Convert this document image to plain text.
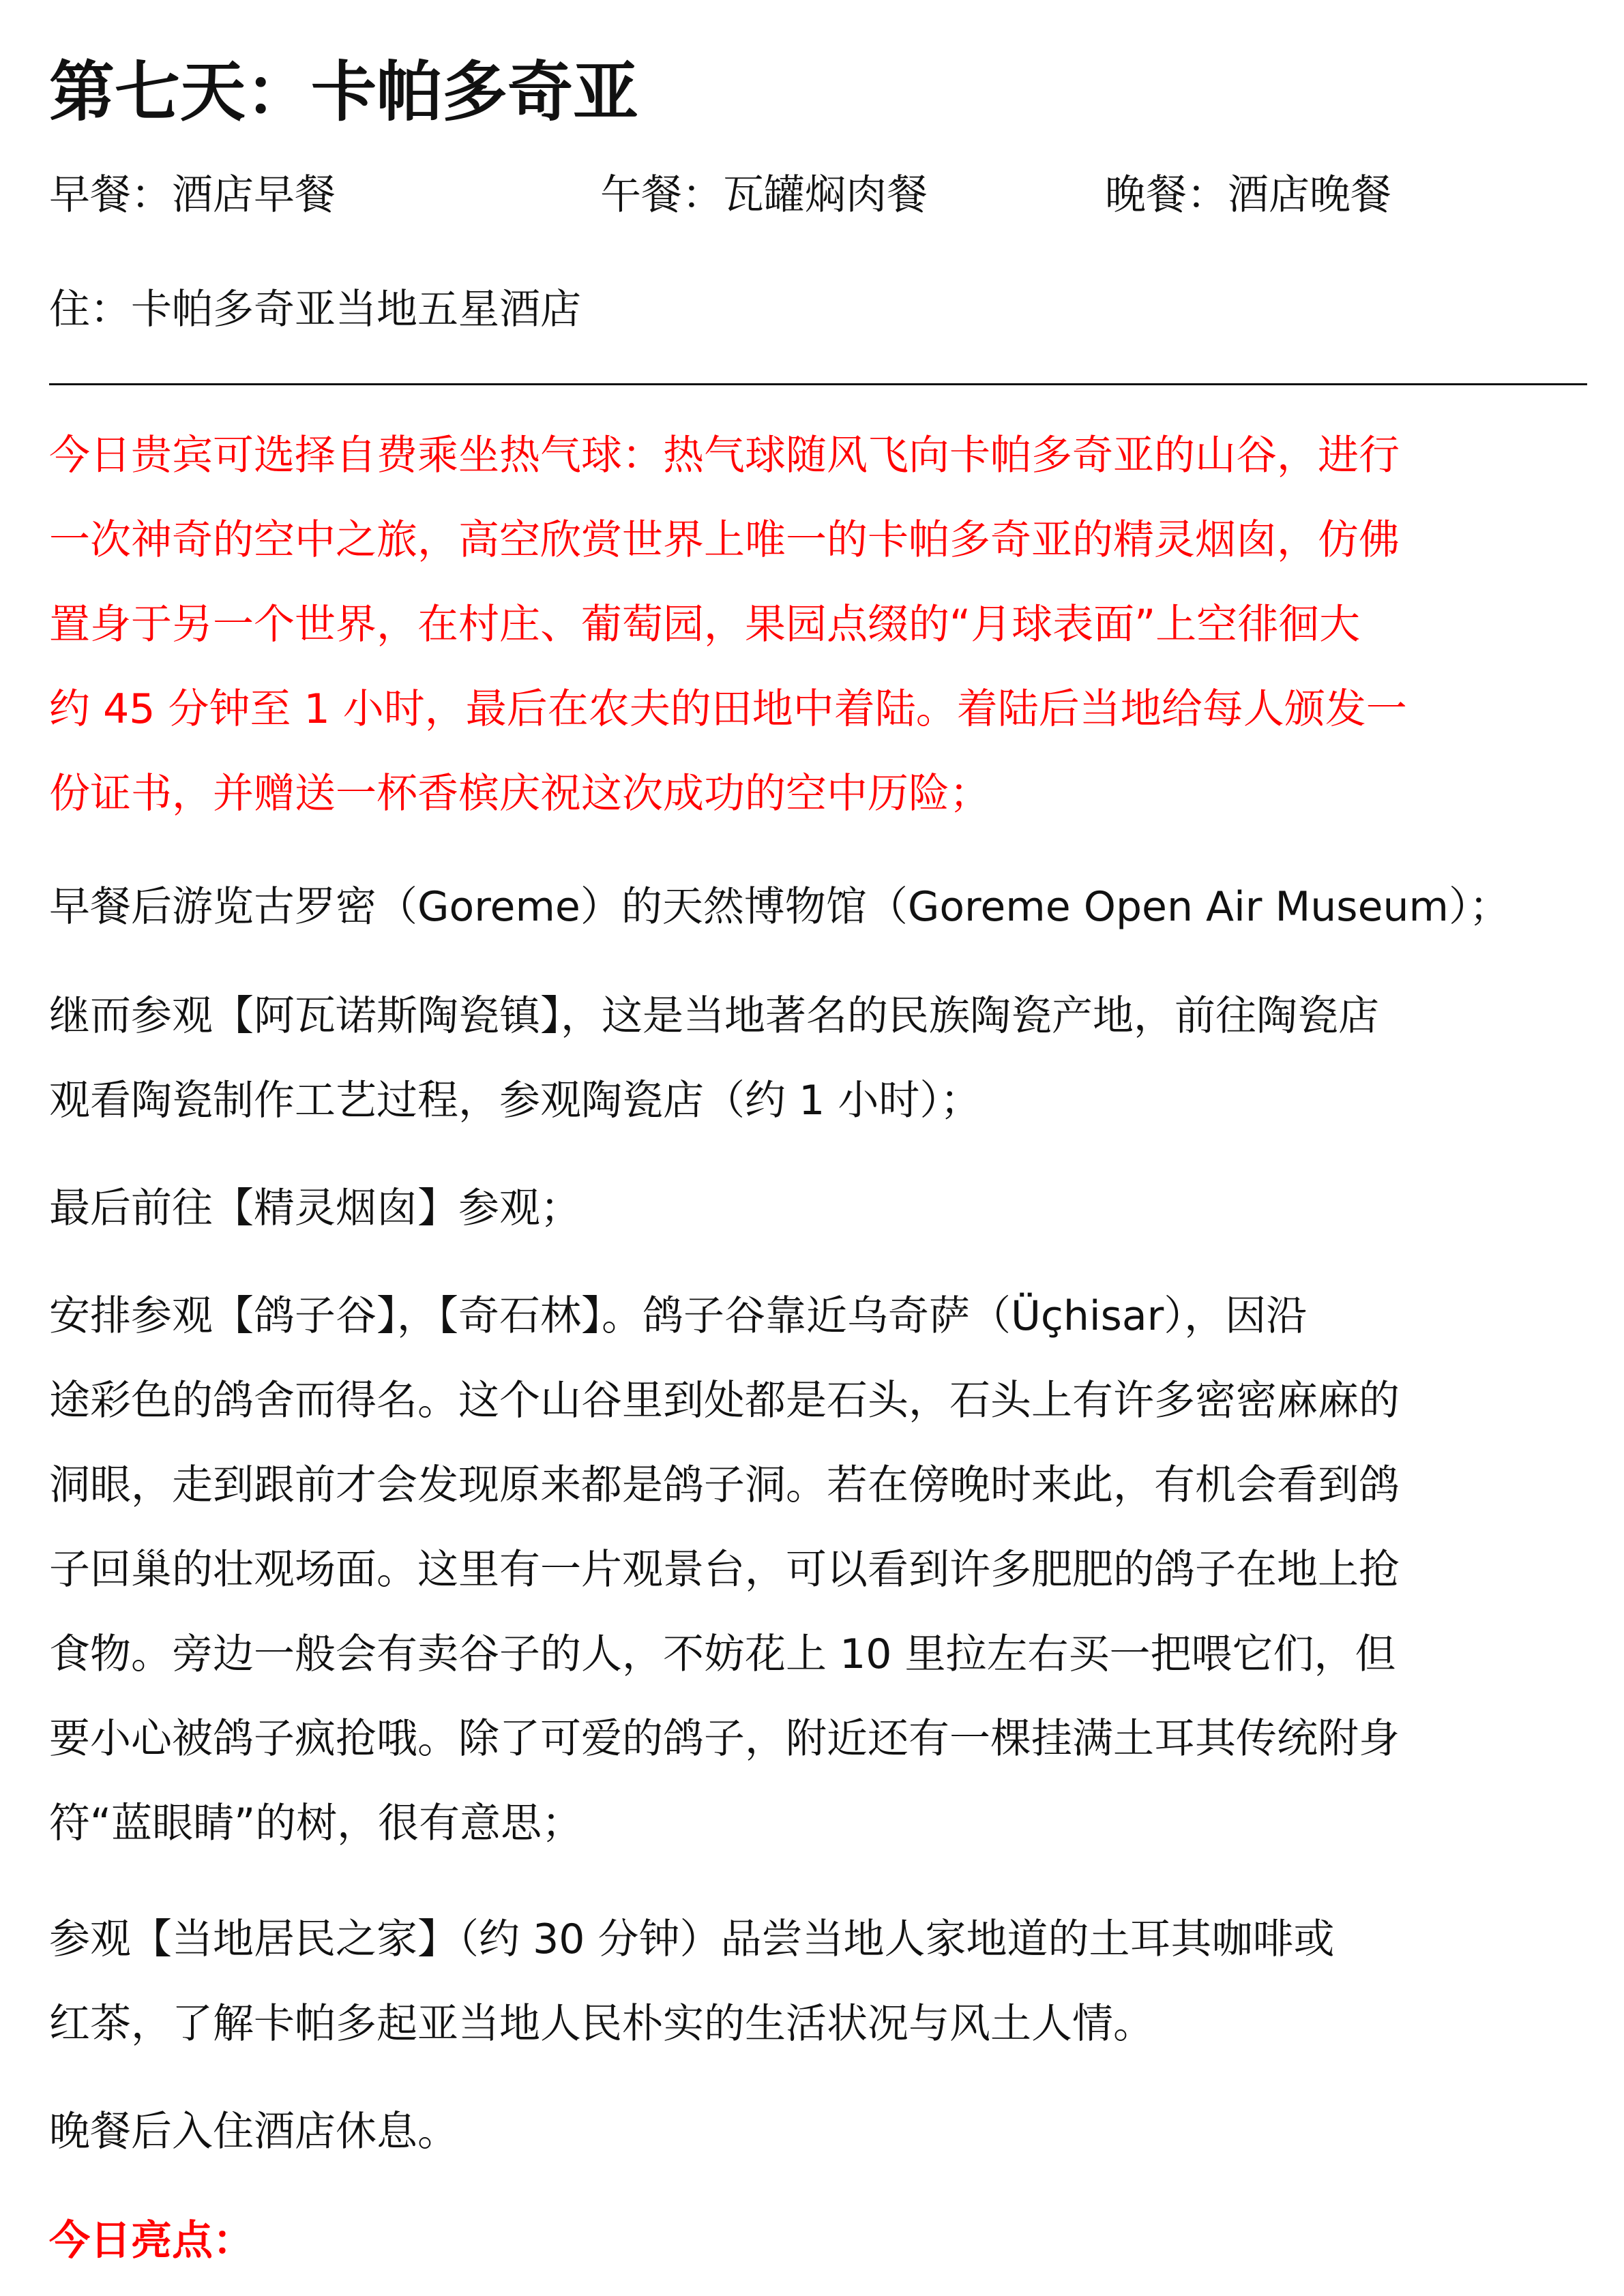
第七天：卡帕多奇亚
早餐：酒店早餐	午餐：瓦罐焖肉餐	晚餐：酒店晚餐
住：卡帕多奇亚当地五星酒店
今日贵宾可选择自费乘坐热气球：热气球随风飞向卡帕多奇亚的山谷，进行
一次神奇的空中之旅，高空欣赏世界上唯一的卡帕多奇亚的精灵烟囱，仿佛
置身于另一个世界，在村庄、葡萄园，果园点缀的“月球表面”上空徘徊大
约 45 分钟至 1 小时，最后在农夫的田地中着陆。着陆后当地给每人颁发一
份证书，并赠送一杯香槟庆祝这次成功的空中历险；
早餐后游览古罗密（Goreme）的天然博物馆（Goreme Open Air Museum）；
继而参观【阿瓦诺斯陶瓷镇】，这是当地著名的民族陶瓷产地，前往陶瓷店
观看陶瓷制作工艺过程，参观陶瓷店（约 1 小时）；
最后前往【精灵烟囱】参观；
安排参观【鸽子谷】，【奇石林】。鸽子谷靠近乌奇萨（Üçhisar），因沿
途彩色的鸽舍而得名。这个山谷里到处都是石头，石头上有许多密密麻麻的
洞眼，走到跟前才会发现原来都是鸽子洞。若在傍晚时来此，有机会看到鸽
子回巢的壮观场面。这里有一片观景台，可以看到许多肥肥的鸽子在地上抢
食物。旁边一般会有卖谷子的人，不妨花上 10 里拉左右买一把喂它们，但
要小心被鸽子疯抢哦。除了可爱的鸽子，附近还有一棵挂满土耳其传统附身
符“蓝眼睛”的树，很有意思；
参观【当地居民之家】（约 30 分钟）品尝当地人家地道的土耳其咖啡或
红茶，了解卡帕多起亚当地人民朴实的生活状况与风土人情。
晚餐后入住酒店休息。
今日亮点：
